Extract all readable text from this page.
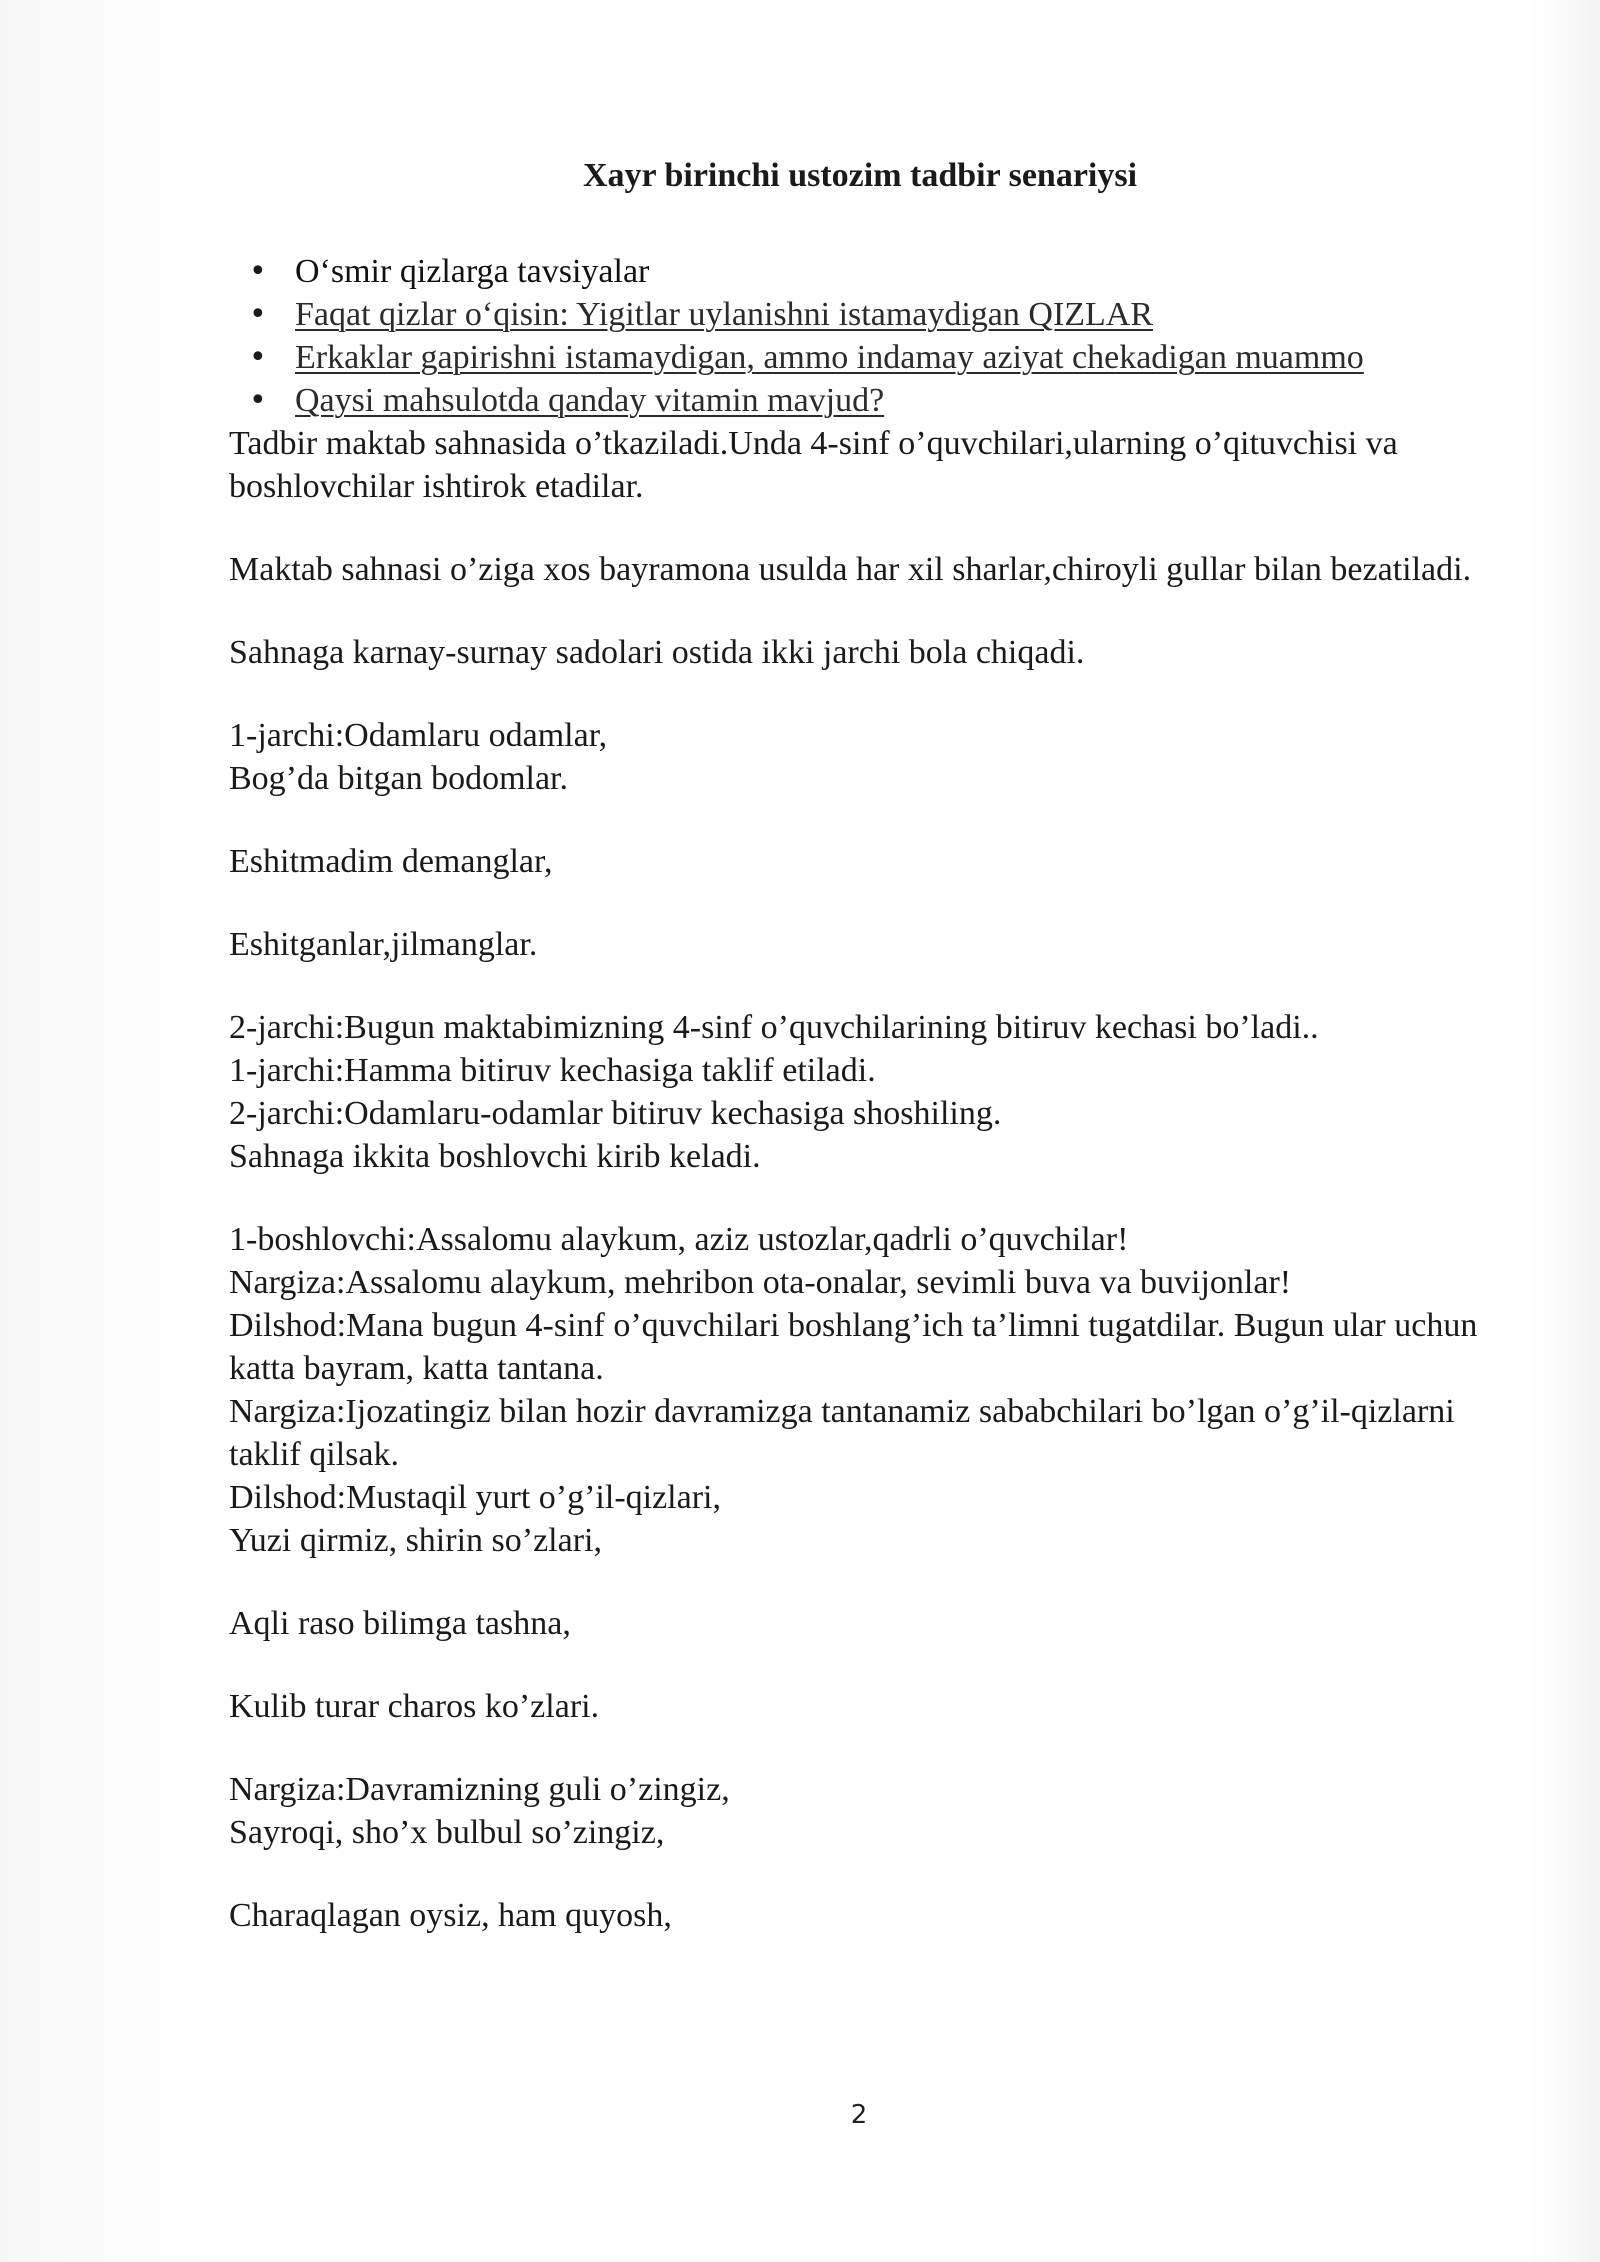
Xayr birinchi ustozim tadbir senariysi
• O‘smir qizlarga tavsiyalar
• Faqat qizlar o‘qisin: Yigitlar uylanishni istamaydigan QIZLAR
• Erkaklar gapirishni istamaydigan, ammo indamay aziyat chekadigan muammo
• Qaysi mahsulotda qanday vitamin mavjud?

Tadbir maktab sahnasida o’tkaziladi.Unda 4-sinf o’quvchilari,ularning o’qituvchisi va boshlovchilar ishtirok etadilar.

Maktab sahnasi o’ziga xos bayramona usulda har xil sharlar,chiroyli gullar bilan bezatiladi.

Sahnaga karnay-surnay sadolari ostida ikki jarchi bola chiqadi.

1-jarchi:Odamlaru odamlar,

Bog’da bitgan bodomlar.

Eshitmadim demanglar,

Eshitganlar,jilmanglar.

2-jarchi:Bugun maktabimizning 4-sinf o’quvchilarining bitiruv kechasi bo’ladi..

1-jarchi:Hamma bitiruv kechasiga taklif etiladi.

2-jarchi:Odamlaru-odamlar bitiruv kechasiga shoshiling.

Sahnaga ikkita boshlovchi kirib keladi.

1-boshlovchi:Assalomu alaykum, aziz ustozlar,qadrli o’quvchilar!

Nargiza:Assalomu alaykum, mehribon ota-onalar, sevimli buva va buvijonlar!

Dilshod:Mana bugun 4-sinf o’quvchilari boshlang’ich ta’limni tugatdilar. Bugun ular uchun katta bayram, katta tantana.

Nargiza:Ijozatingiz bilan hozir davramizga tantanamiz sababchilari bo’lgan o’g’il-qizlarni taklif qilsak.

Dilshod:Mustaqil yurt o’g’il-qizlari,

Yuzi qirmiz, shirin so’zlari,

Aqli raso bilimga tashna,

Kulib turar charos ko’zlari.

Nargiza:Davramizning guli o’zingiz,

Sayroqi, sho’x bulbul so’zingiz,

Charaqlagan oysiz, ham quyosh,

2
